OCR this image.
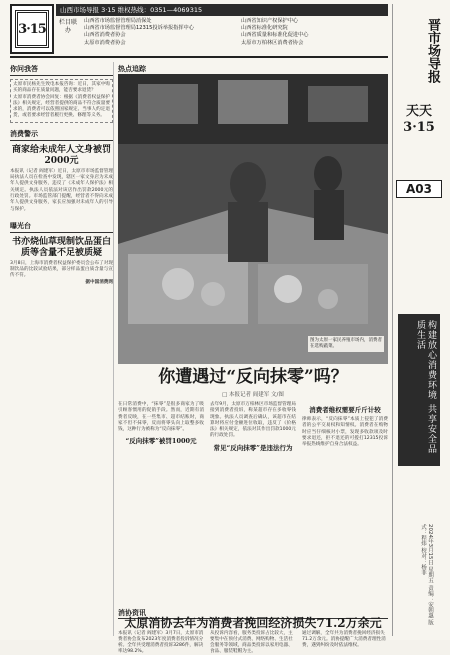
3·15
山西市场导报 3·15 维权热线：0351—4069315
栏目联办
山西省市场监督管理局消保处	山西省知识产权保护中心
山西省市场监督管理局12315投诉举报指挥中心	山西省标准化研究院
山西省消费者协会	山西省质量和标准化促进中心
太原市消费者协会	太原市万柏林区消费者协会	晋市场导报
天天3·15
A03
构建放心消费环境 共享安全品质生活
2024年3月15日 星期五 责编：安朝惠 版式：程炜 校对：杨菲
你问我答

太原市民杨先生致电本报咨询：近日，其家中购买的商品存在质量问题，能否要求退货？

太原市消费者协会回复：根据《消费者权益保护法》相关规定，经营者提供的商品不符合质量要求的，消费者可以依照国家规定、当事人约定退货，或者要求经营者履行更换、修理等义务。

消费警示
商家给未成年人文身被罚2000元

本报讯（记者 阎建军）近日，太原市市场监督管理局执法人员在检查中发现，辖区一家文身店为未成年人提供文身服务，违反了《未成年人保护法》相关规定。执法人员依法对该店作出罚款2000元的行政处罚。市场监管部门提醒，经营者不得向未成年人提供文身服务，家长应加强对未成年人的引导与保护。

曝光台
书亦烧仙草现制饮品蛋白质等含量不足被质疑

3月8日，上海市消费者权益保护委员会公布了对现制饮品的比较试验结果，部分样品蛋白质含量与宣传不符。

据中国消费网

热点追踪
图为太原一家民养殖市场内，消费者在选购蔬菜。
你遭遇过“反向抹零”吗？
□ 本报记者 阎建军 文/图

在日常消费中，“抹零”是很多商家为了吸引顾客惯用的促销手段。然而，近期有消费者反映，在一些集市、超市结账时，商家不但不抹零，反而将零头向上取整多收钱，这种行为被称为“反向抹零”。

“反向抹零”被罚1000元

去年9月，太原市万柏林区市场监督管理局接到消费者投诉，称某超市存在多收零钱现象。执法人员调查后确认，该超市在结算时将应付金额进位收取，违反了《价格法》相关规定，依法对其作出罚款1000元的行政处罚。

常见“反向抹零”是违法行为
消费者维权需要斤斤计较

律师表示，“反向抹零”本质上侵犯了消费者的公平交易权和知情权。消费者在购物时应当仔细核对小票，发现多收款项及时要求退还，拒不退还的可拨打12315投诉举报热线维护自身合法权益。

消协资讯
太原消协去年为消费者挽回经济损失71.2万余元

本报讯（记者 阎建军）3月7日，太原市消费者协会发布2023年度消费者投诉情况分析。全年共受理消费者投诉3286件，解决率达98.2%。

从投诉内容看，服务类投诉占比较大，主要集中在预付式消费、网络购物、生活社会服务等领域，商品类投诉以家用电器、食品、服装鞋帽为主。

通过调解，全年共为消费者挽回经济损失71.2万余元。消协提醒广大消费者理性消费，遇到纠纷及时依法维权。
